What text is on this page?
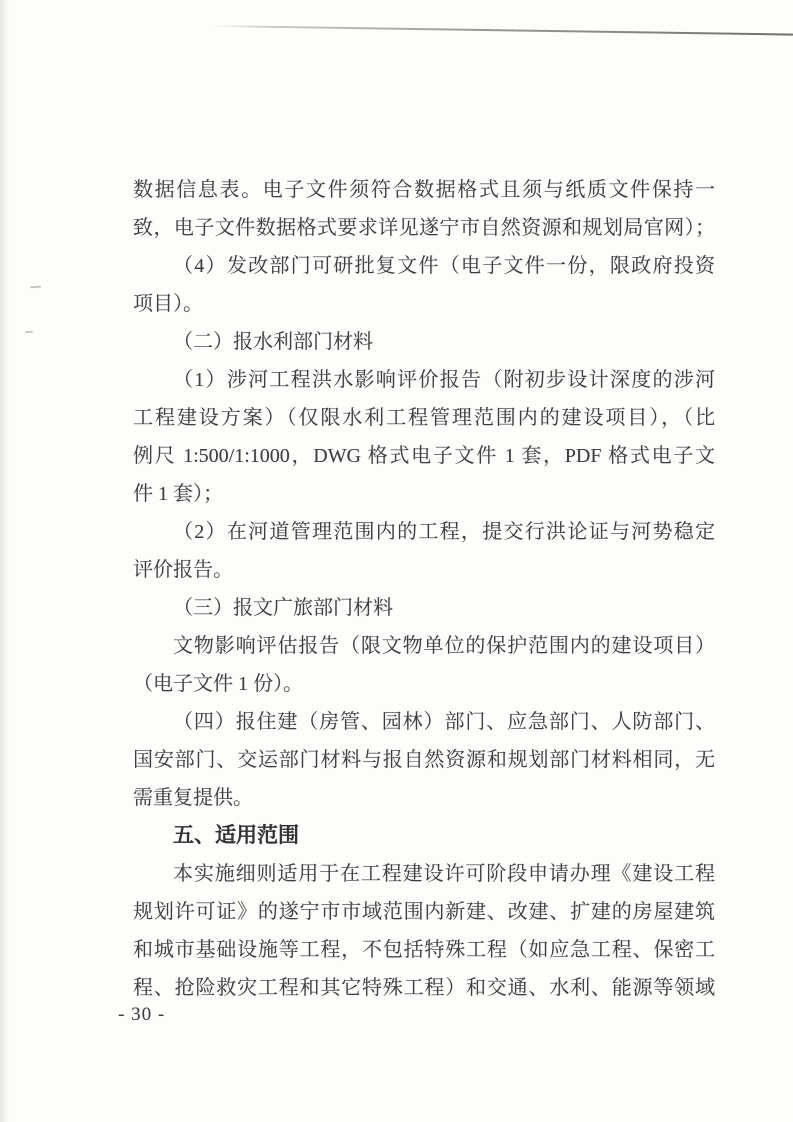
数据信息表。电子文件须符合数据格式且须与纸质文件保持一
致，电子文件数据格式要求详见遂宁市自然资源和规划局官网）；
（4）发改部门可研批复文件（电子文件一份，限政府投资
项目）。
（二）报水利部门材料
（1）涉河工程洪水影响评价报告（附初步设计深度的涉河
工程建设方案）（仅限水利工程管理范围内的建设项目），（比
例尺 1:500/1:1000，DWG 格式电子文件 1 套，PDF 格式电子文
件 1 套）；
（2）在河道管理范围内的工程，提交行洪论证与河势稳定
评价报告。
（三）报文广旅部门材料
文物影响评估报告（限文物单位的保护范围内的建设项目）
（电子文件 1 份）。
（四）报住建（房管、园林）部门、应急部门、人防部门、
国安部门、交运部门材料与报自然资源和规划部门材料相同，无
需重复提供。
五、适用范围
本实施细则适用于在工程建设许可阶段申请办理《建设工程
规划许可证》的遂宁市市域范围内新建、改建、扩建的房屋建筑
和城市基础设施等工程，不包括特殊工程（如应急工程、保密工
程、抢险救灾工程和其它特殊工程）和交通、水利、能源等领域
- 30 -
